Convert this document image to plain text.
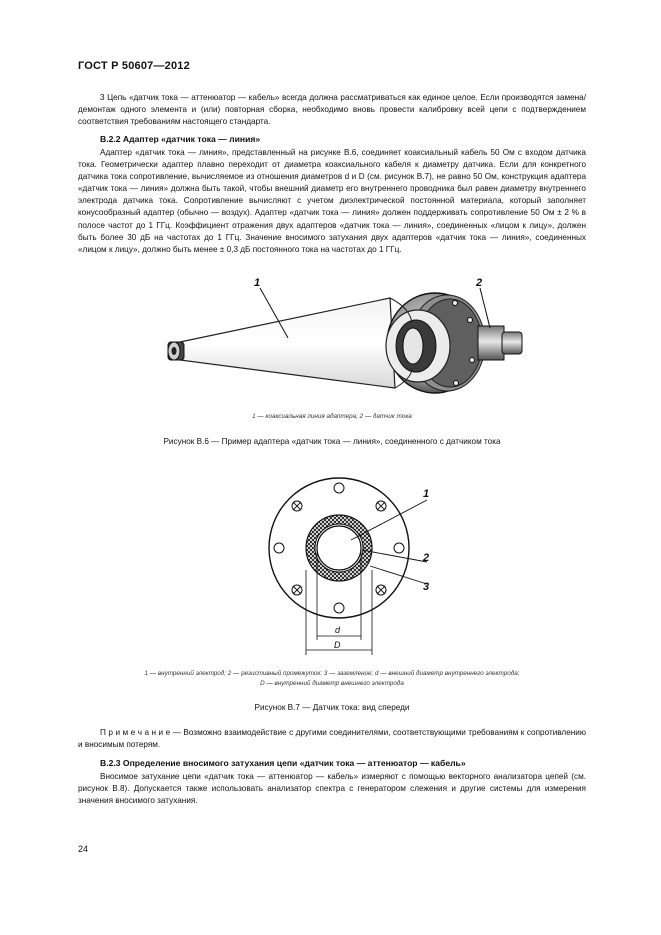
ГОСТ Р 50607—2012

3 Цепь «датчик тока — аттенюатор — кабель» всегда должна рассматриваться как единое целое. Если производятся замена/демонтаж одного элемента и (или) повторная сборка, необходимо вновь провести калибровку всей цепи с подтверждением соответствия требованиям настоящего стандарта.

В.2.2 Адаптер «датчик тока — линия»

Адаптер «датчик тока — линия», представленный на рисунке В.6, соединяет коаксиальный кабель 50 Ом с входом датчика тока. Геометрически адаптер плавно переходит от диаметра коаксиального кабеля к диаметру датчика. Если для конкретного датчика тока сопротивление, вычисляемое из отношения диаметров d и D (см. рисунок В.7), не равно 50 Ом, конструкция адаптера «датчик тока — линия» должна быть такой, чтобы внешний диаметр его внутреннего проводника был равен диаметру внутреннего электрода датчика тока. Сопротивление вычисляют с учетом диэлектрической постоянной материала, который заполняет конусообразный адаптер (обычно — воздух). Адаптер «датчик тока — линия» должен поддерживать сопротивление 50 Ом ± 2 % в полосе частот до 1 ГГц. Коэффициент отражения двух адаптеров «датчик тока — линия», соединенных «лицом к лицу», должен быть более 30 дБ на частотах до 1 ГГц. Значение вносимого затухания двух адаптеров «датчик тока — линия», соединенных «лицом к лицу», должно быть менее ± 0,3 дБ постоянного тока на частотах до 1 ГГц.

1	2
1 — коаксиальная линия адаптера; 2 — датчик тока
Рисунок В.6 — Пример адаптера «датчик тока — линия», соединенного с датчиком тока
d
D
1
2
3
1 — внутренний электрод; 2 — резистивный промежуток; 3 — заземление; d — внешний диаметр внутреннего электрода;
D — внутренний диаметр внешнего электрода
Рисунок В.7 — Датчик тока: вид спереди

П р и м е ч а н и е — Возможно взаимодействие с другими соединителями, соответствующими требованиям к сопротивлению и вносимым потерям.

В.2.3 Определение вносимого затухания цепи «датчик тока — аттенюатор — кабель»

Вносимое затухание цепи «датчик тока — аттенюатор — кабель» измеряют с помощью векторного анализатора цепей (см. рисунок В.8). Допускается также использовать анализатор спектра с генератором слежения и другие системы для измерения значения вносимого затухания.

24
